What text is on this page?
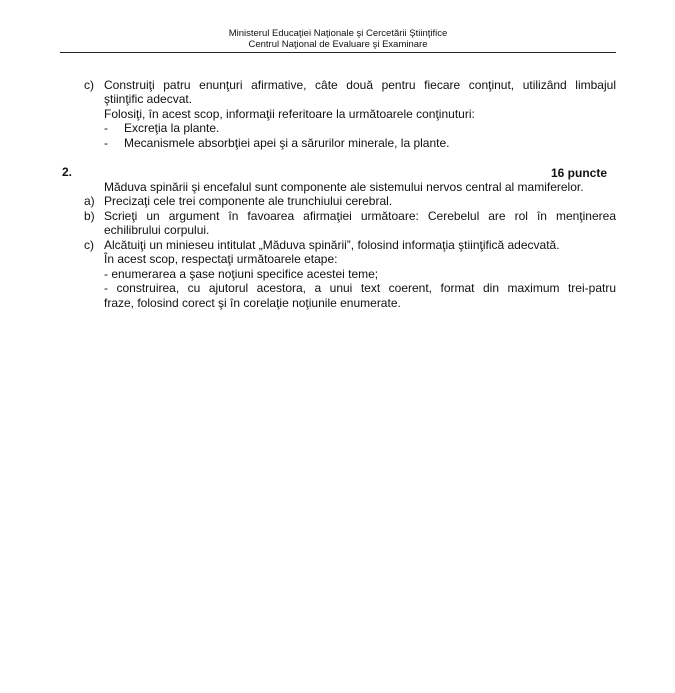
Ministerul Educaţiei Naţionale şi Cercetării Ştiinţifice
Centrul Naţional de Evaluare şi Examinare
c) Construiţi patru enunţuri afirmative, câte două pentru fiecare conţinut, utilizând limbajul
ştiinţific adecvat.
Folosiţi, în acest scop, informaţii referitoare la următoarele conţinuturi:
- Excreţia la plante.
- Mecanismele absorbţiei apei şi a sărurilor minerale, la plante.
2.	16 puncte
Măduva spinării şi encefalul sunt componente ale sistemului nervos central al mamiferelor.
a) Precizaţi cele trei componente ale trunchiului cerebral.
b) Scrieţi un argument în favoarea afirmaţiei următoare: Cerebelul are rol în menţinerea
echilibrului corpului.
c) Alcătuiţi un minieseu intitulat „Măduva spinării”, folosind informaţia ştiinţifică adecvată.
În acest scop, respectaţi următoarele etape:
- enumerarea a şase noţiuni specifice acestei teme;
- construirea, cu ajutorul acestora, a unui text coerent, format din maximum trei-patru
fraze, folosind corect şi în corelaţie noţiunile enumerate.
